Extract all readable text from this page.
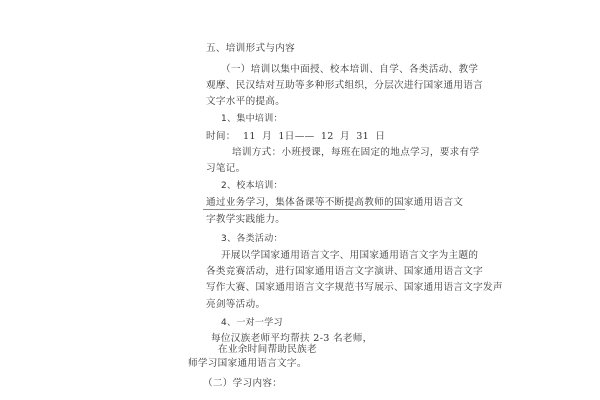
五、培训形式与内容
（一）培训以集中面授、校本培训、自学、各类活动、教学
观摩、民汉结对互助等多种形式组织，分层次进行国家通用语言
文字水平的提高。
1、集中培训：
时间： 11 月 1日—— 12 月 31 日
培训方式：小班授课，每班在固定的地点学习，要求有学
习笔记。
2、校本培训：
通过业务学习，集体备课等不断提高教师的国家通用语言文
字教学实践能力。
3、各类活动：
开展以学国家通用语言文字、用国家通用语言文字为主题的
各类竞赛活动，进行国家通用语言文字演讲、国家通用语言文字
写作大赛、国家通用语言文字规范书写展示、国家通用语言文字发声
亮剑等活动。
4、一对一学习
每位汉族老师平均帮扶 2-3 名老师，
在业余时间帮助民族老
师学习国家通用语言文字。
（二）学习内容：
